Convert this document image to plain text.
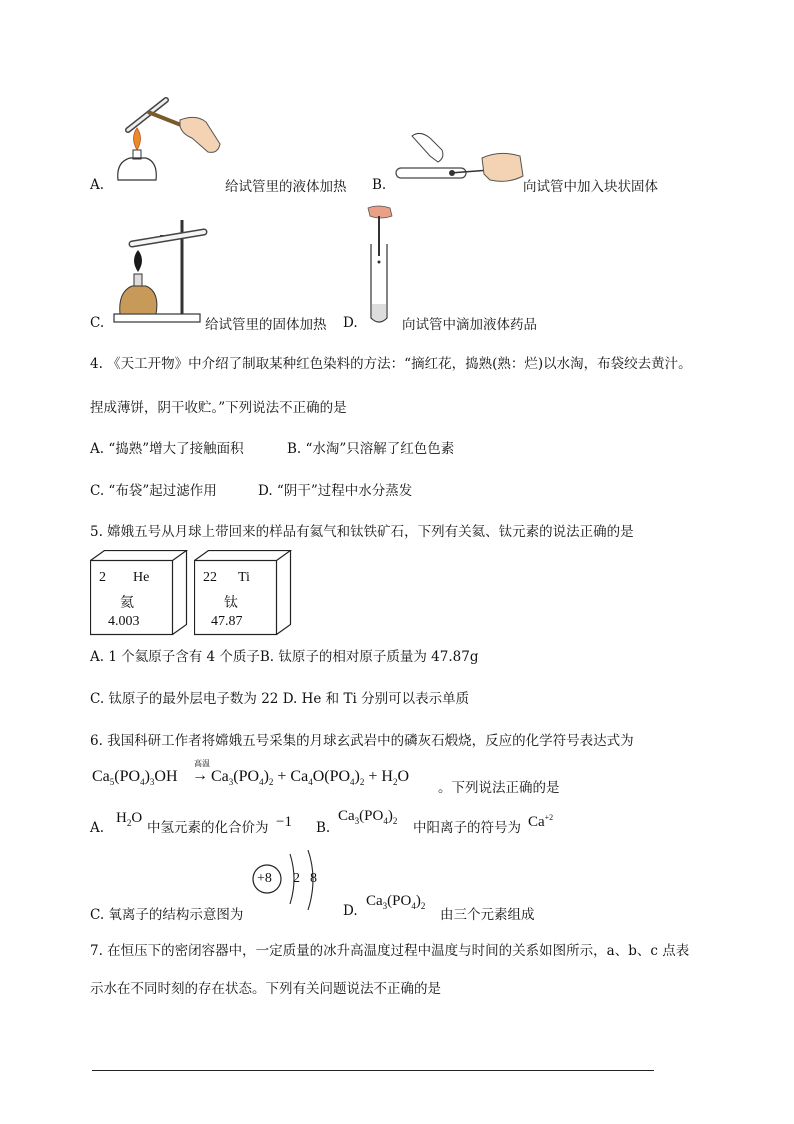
A.	给试管里的液体加热 B.	向试管中加入块状固体
C.	给试管里的固体加热 D.	向试管中滴加液体药品
4. 《天工开物》中介绍了制取某种红色染料的方法：“摘红花，捣熟(熟：烂)以水淘，布袋绞去黄汁。
捏成薄饼，阴干收贮。”下列说法不正确的是
A. “捣熟”增大了接触面积	B. “水淘”只溶解了红色色素
C. “布袋”起过滤作用	D. “阴干”过程中水分蒸发
5. 嫦娥五号从月球上带回来的样品有氦气和钛铁矿石，下列有关氦、钛元素的说法正确的是
2 He
氦
4.003
22 Ti
钛
47.87
A. 1 个氦原子含有 4 个质子B. 钛原子的相对原子质量为 47.87g
C. 钛原子的最外层电子数为 22 D. He 和 Ti 分别可以表示单质
6. 我国科研工作者将嫦娥五号采集的月球玄武岩中的磷灰石煅烧，反应的化学符号表达式为
$Ca_5(PO_4)_3OH$
高温
→ $Ca_3(PO_4)_2 + Ca_4O(PO_4)_2 + H_2O$
。下列说法正确的是
A.
$H_2O$
中氢元素的化合价为 −1 B.
$Ca_3(PO_4)_2$ 中阳离子的符号为 $Ca^{+2}$
C. 氧离子的结构示意图为
+8 2 8
D.
$Ca_3(PO_4)_2$
由三个元素组成
7. 在恒压下的密闭容器中，一定质量的冰升高温度过程中温度与时间的关系如图所示，a、b、c 点表
示水在不同时刻的存在状态。下列有关问题说法不正确的是
